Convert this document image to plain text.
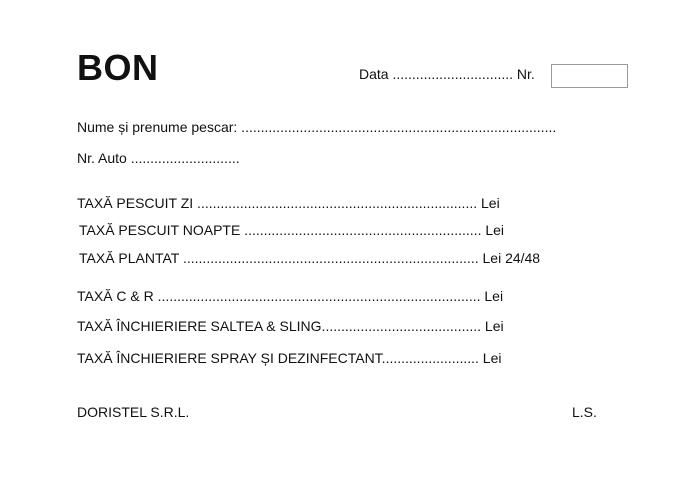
BON	Data ............................... Nr.
Nume și prenume pescar: .................................................................................
Nr. Auto ............................
TAXĂ PESCUIT ZI ........................................................................ Lei
TAXĂ PESCUIT NOAPTE ............................................................. Lei
TAXĂ PLANTAT ............................................................................ Lei 24/48
TAXĂ C & R ................................................................................... Lei
TAXĂ ÎNCHIERIERE SALTEA & SLING......................................... Lei
TAXĂ ÎNCHIERIERE SPRAY ȘI DEZINFECTANT......................... Lei
DORISTEL S.R.L.	L.S.
